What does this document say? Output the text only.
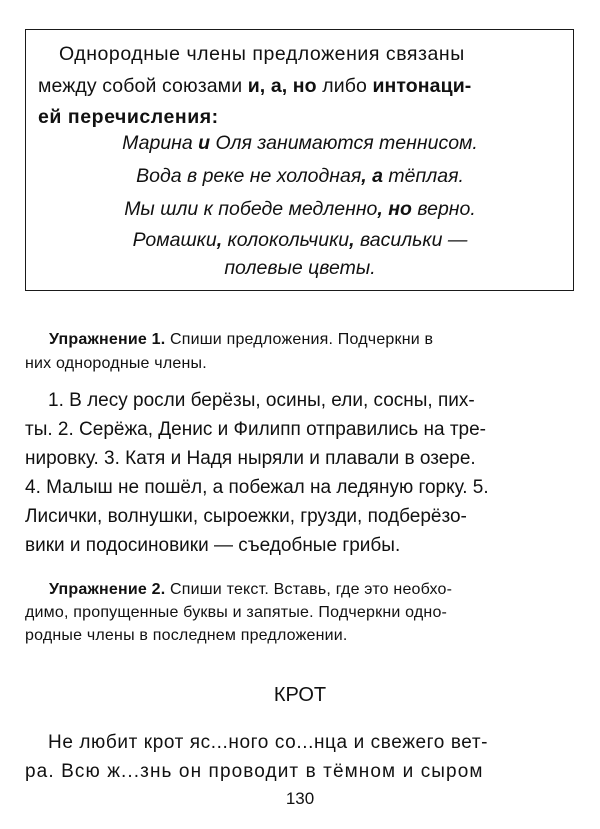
Однородные члены предложения связаны
между собой союзами и, а, но либо интонаци-
ей перечисления:
Марина и Оля занимаются теннисом.
Вода в реке не холодная, а тёплая.
Мы шли к победе медленно, но верно.
Ромашки, колокольчики, васильки —
полевые цветы.
Упражнение 1. Спиши предложения. Подчеркни в
них однородные члены.
1. В лесу росли берёзы, осины, ели, сосны, пих-
ты. 2. Серёжа, Денис и Филипп отправились на тре-
нировку. 3. Катя и Надя ныряли и плавали в озере.
4. Малыш не пошёл, а побежал на ледяную горку. 5.
Лисички, волнушки, сыроежки, грузди, подберёзо-
вики и подосиновики — съедобные грибы.
Упражнение 2. Спиши текст. Вставь, где это необхо-
димо, пропущенные буквы и запятые. Подчеркни одно-
родные члены в последнем предложении.
КРОТ
Не любит крот яс...ного со...нца и свежего вет-
ра. Всю ж...знь он проводит в тёмном и сыром
130
